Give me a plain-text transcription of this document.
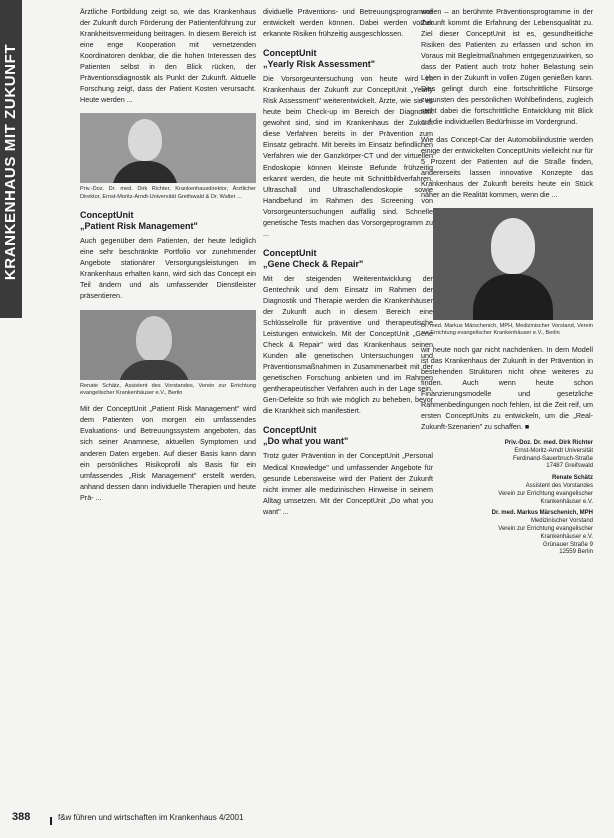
KRANKENHAUS MIT ZUKUNFT

Ärztliche Fortbildung zeigt so, wie das Krankenhaus der Zukunft durch Förderung der Patientenführung zur Krankheitsvermeidung beitragen. In diesem Bereich ist eine enge Kooperation mit vernetzenden Koordinatoren denkbar, die die hohen Interessen des Patienten selbst in den Blick rücken, der Präventionsdiagnostik als Punkt der Zukunft. Aktuelle Forschung zeigt, dass der Patient Kosten verursacht. Heute werden ...

Priv.-Doz. Dr. med. Dirk Richter, Krankenhausdirektor, Ärztlicher Direktor, Ernst-Moritz-Arndt-Universität Greifswald & Dr. Walter ...
ConceptUnit
„Patient Risk Management"

Auch gegenüber dem Patienten, der heute lediglich eine sehr beschränkte Portfolio vor zunehmender Angebote stationärer Versorgungsleistungen im Krankenhaus erhalten kann, wird sich das Concept ein Teil ändern und als umfassender Dienstleister präsentieren.

Renate Schätz, Assistent des Vorstandes, Verein zur Errichtung evangelischer Krankenhäuser e.V., Berlin

Mit der ConceptUnit „Patient Risk Management" wird dem Patienten von morgen ein umfassendes Evaluations- und Betreuungssystem angeboten, das sich seiner Anamnese, aktuellen Symptomen und anderen Daten ergeben. Auf dieser Basis kann dann ein persönliches Risikoprofil als Basis für ein umfassendes „Risk Management" erstellt werden, anhand dessen dann individuelle Therapien und heute Prä- ...

dividuelle Präventions- und Betreuungsprogramme entwickelt werden können. Dabei werden vorher erkannte Risiken frühzeitig ausgeschlossen.

ConceptUnit
„Yearly Risk Assessment"

Die Vorsorgeuntersuchung von heute wird im Krankenhaus der Zukunft zur ConceptUnit „Yearly Risk Assessment" weiterentwickelt. Ärzte, wie sie es heute beim Check-up im Bereich der Diagnostik gewohnt sind, sind im Krankenhaus der Zukunft diese Verfahren bereits in der Prävention zum Einsatz gebracht. Mit bereits im Einsatz befindlichen Verfahren wie der Ganzkörper-CT und der virtuellen Endoskopie können kleinste Befunde frühzeitig erkannt werden, die heute mit Schnittbildverfahren, Ultraschall und Ultraschallendoskopie sowie Handbefund im Rahmen des Screening von Vorsorgeuntersuchungen auffällig sind. Schnelle genetische Tests machen das Vorsorgeprogramm zu ...

ConceptUnit
„Gene Check & Repair"

Mit der steigenden Weiterentwicklung der Gentechnik und dem Einsatz im Rahmen der Diagnostik und Therapie werden die Krankenhäuser der Zukunft auch in diesem Bereich eine Schlüsselrolle für präventive und therapeutische Leistungen entwickeln. Mit der ConceptUnit „Gene Check & Repair" wird das Krankenhaus seinen Kunden alle genetischen Untersuchungen und Präventionsmaßnahmen in Zusammenarbeit mit der genetischen Forschung anbieten und im Rahmen gentherapeutischer Verfahren auch in der Lage sein, Gen-Defekte so früh wie möglich zu beheben, bevor die Krankheit sich manifestiert.

ConceptUnit
„Do what you want"

Trotz guter Prävention in der ConceptUnit „Personal Medical Knowledge" und umfassender Angebote für gesunde Lebensweise wird der Patient der Zukunft nicht immer alle medizinischen Hinweise in seinem Alltag umsetzen. Mit der ConceptUnit „Do what you want" ...

wollen – an berühmte Präventionsprogramme in der Zukunft kommt die Erfahrung der Lebensqualität zu. Ziel dieser ConceptUnit ist es, gesundheitliche Risiken des Patienten zu erfassen und schon im Voraus mit Begleitmaßnahmen entgegenzuwirken, so dass der Patient auch trotz hoher Belastung sein Leben in der Zukunft in vollen Zügen genießen kann. Dies gelingt durch eine fortschrittliche Fürsorge zugunsten des persönlichen Wohlbefindens, zugleich steht dabei die fortschrittliche Entwicklung mit Blick auf die individuellen Bedürfnisse im Vordergrund.

Wie das Concept-Car der Automobilindustrie werden einige der entwickelten ConceptUnits vielleicht nur für 5 Prozent der Patienten auf die Straße finden, andererseits lassen innovative Konzepte das Krankenhaus der Zukunft bereits heute ein Stück näher an die Realität kommen, wenn die ...

Dr. med. Markus Märschenich, MPH, Medizinischer Vorstand, Verein zur Errichtung evangelischer Krankenhäuser e.V., Berlin

wir heute noch gar nicht nachdenken. In dem Modell ist das Krankenhaus der Zukunft in der Prävention in bestehenden Strukturen nicht ohne weiteres zu finden. Auch wenn heute schon Finanzierungsmodelle und gesetzliche Rahmenbedingungen noch fehlen, ist die Zeit reif, um ersten ConceptUnits zu entwickeln, um die „Real-Zukunft-Szenarien" zu schaffen. ■

Priv.-Doz. Dr. med. Dirk Richter
Ernst-Moritz-Arndt Universität
Ferdinand-Sauerbruch-Straße
17487 Greifswald
Renate Schätz
Assistent des Vorstandes
Verein zur Errichtung evangelischer
Krankenhäuser e.V.
Dr. med. Markus Märschenich, MPH
Medizinischer Vorstand
Verein zur Errichtung evangelischer
Krankenhäuser e.V.
Grünauer Straße 9
12559 Berlin
388	f&w führen und wirtschaften im Krankenhaus 4/2001
